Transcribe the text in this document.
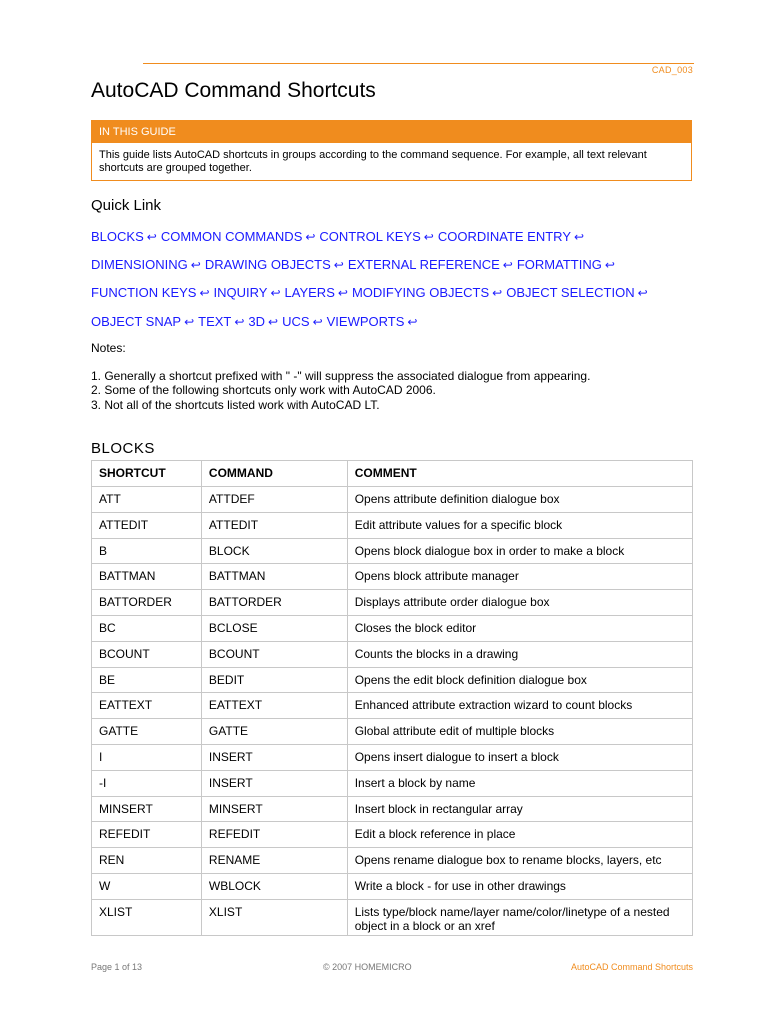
CAD_003
AutoCAD Command Shortcuts
IN THIS GUIDE
This guide lists AutoCAD shortcuts in groups according to the command sequence. For example, all text relevant shortcuts are grouped together.
Quick Link
BLOCKS ↩ COMMON COMMANDS ↩ CONTROL KEYS ↩ COORDINATE ENTRY ↩
DIMENSIONING ↩ DRAWING OBJECTS ↩ EXTERNAL REFERENCE ↩ FORMATTING ↩
FUNCTION KEYS ↩ INQUIRY ↩ LAYERS ↩ MODIFYING OBJECTS ↩ OBJECT SELECTION ↩
OBJECT SNAP ↩ TEXT ↩ 3D ↩ UCS ↩ VIEWPORTS ↩
Notes:
1. Generally a shortcut prefixed with " -" will suppress the associated dialogue from appearing.
2. Some of the following shortcuts only work with AutoCAD 2006.
3. Not all of the shortcuts listed work with AutoCAD LT.
BLOCKS
SHORTCUT	COMMAND	COMMENT
ATT	ATTDEF	Opens attribute definition dialogue box
ATTEDIT	ATTEDIT	Edit attribute values for a specific block
B	BLOCK	Opens block dialogue box in order to make a block
BATTMAN	BATTMAN	Opens block attribute manager
BATTORDER	BATTORDER	Displays attribute order dialogue box
BC	BCLOSE	Closes the block editor
BCOUNT	BCOUNT	Counts the blocks in a drawing
BE	BEDIT	Opens the edit block definition dialogue box
EATTEXT	EATTEXT	Enhanced attribute extraction wizard to count blocks
GATTE	GATTE	Global attribute edit of multiple blocks
I	INSERT	Opens insert dialogue to insert a block
-I	INSERT	Insert a block by name
MINSERT	MINSERT	Insert block in rectangular array
REFEDIT	REFEDIT	Edit a block reference in place
REN	RENAME	Opens rename dialogue box to rename blocks, layers, etc
W	WBLOCK	Write a block - for use in other drawings
XLIST	XLIST	Lists type/block name/layer name/color/linetype of a nested object in a block or an xref
Page 1 of 13	© 2007 HOMEMICRO	AutoCAD Command Shortcuts
